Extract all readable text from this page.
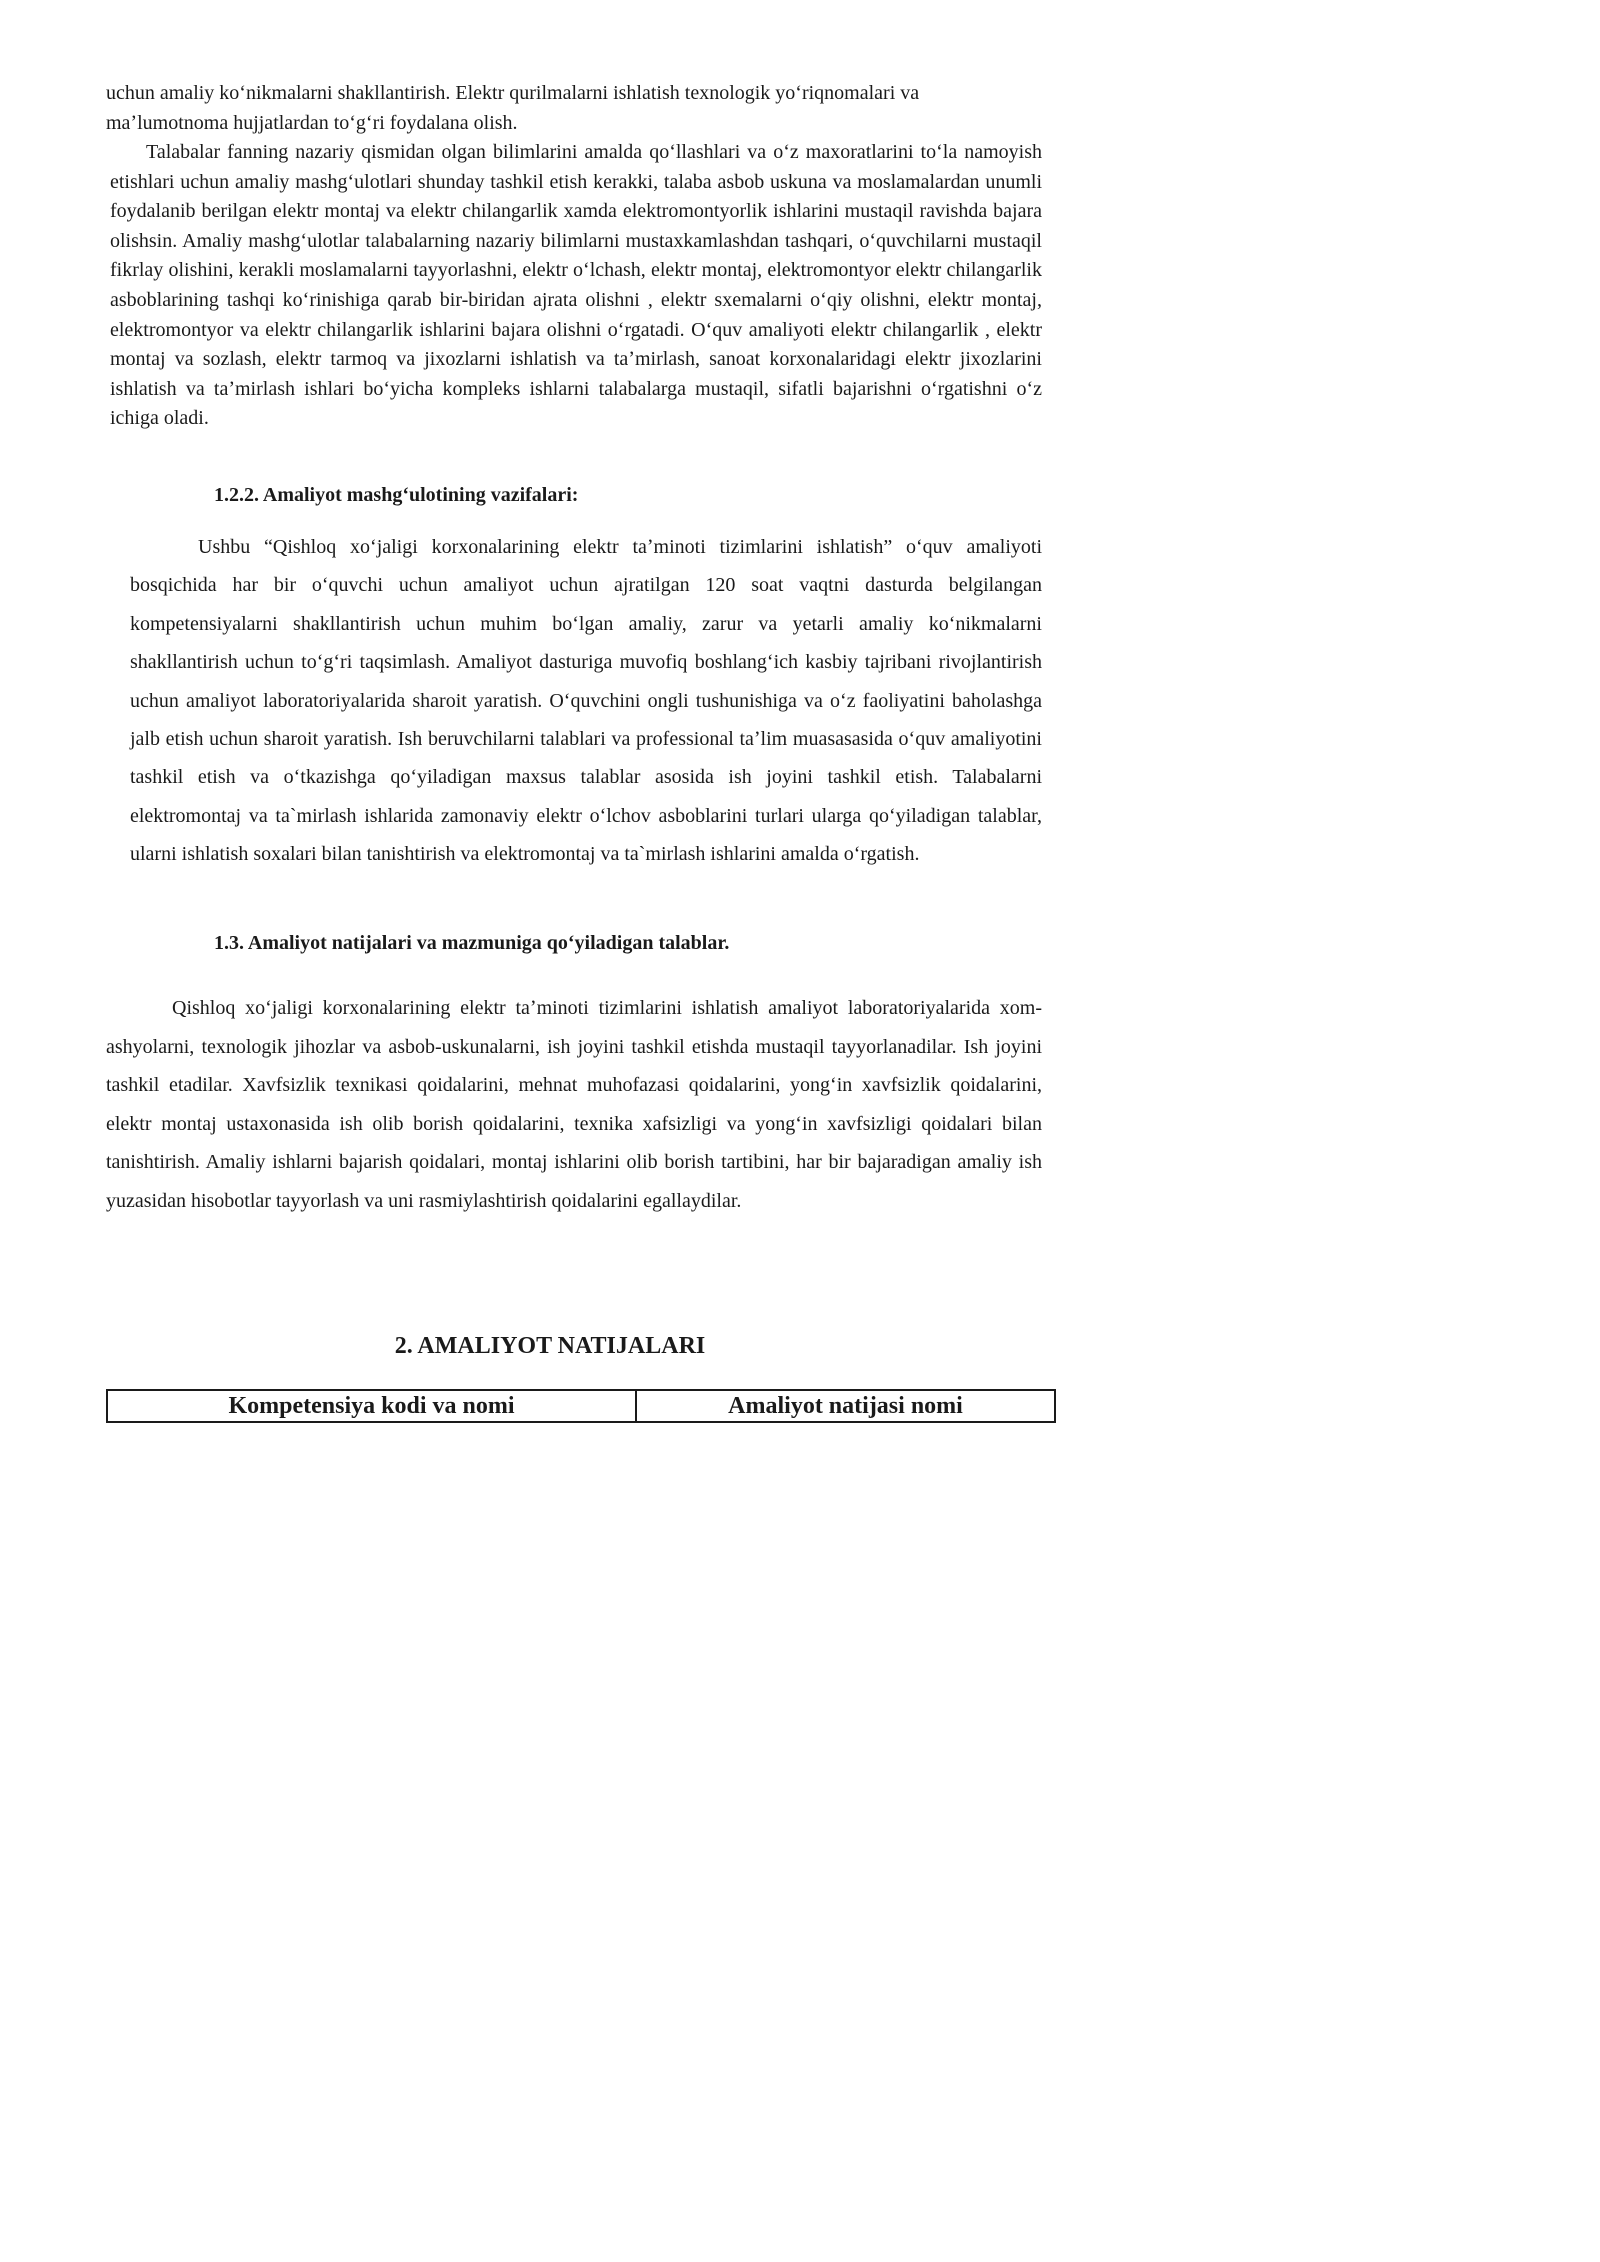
uchun amaliy koʻnikmalarni shakllantirish. Elektr qurilmalarni ishlatish texnologik yoʻriqnomalari va maʼlumotnoma hujjatlardan toʻgʻri foydalana olish.

Talabalar fanning nazariy qismidan olgan bilimlarini amalda qoʻllashlari va oʻz maxoratlarini toʻla namoyish etishlari uchun amaliy mashgʻulotlari shunday tashkil etish kerakki, talaba asbob uskuna va moslamalardan unumli foydalanib berilgan elektr montaj va elektr chilangarlik xamda elektromontyorlik ishlarini mustaqil ravishda bajara olishsin. Amaliy mashgʻulotlar talabalarning nazariy bilimlarni mustaxkamlashdan tashqari, oʻquvchilarni mustaqil fikrlay olishini, kerakli moslamalarni tayyorlashni, elektr oʻlchash, elektr montaj, elektromontyor elektr chilangarlik asboblarining tashqi koʻrinishiga qarab bir-biridan ajrata olishni , elektr sxemalarni oʻqiy olishni, elektr montaj, elektromontyor va elektr chilangarlik ishlarini bajara olishni oʻrgatadi. Oʻquv amaliyoti elektr chilangarlik , elektr montaj va sozlash, elektr tarmoq va jixozlarni ishlatish va taʼmirlash, sanoat korxonalaridagi elektr jixozlarini ishlatish va taʼmirlash ishlari boʻyicha kompleks ishlarni talabalarga mustaqil, sifatli bajarishni oʻrgatishni oʻz ichiga oladi.

1.2.2. Amaliyot mashgʻulotining vazifalari:

Ushbu “Qishloq xoʻjaligi korxonalarining elektr taʼminoti tizimlarini ishlatish” oʻquv amaliyoti bosqichida har bir oʻquvchi uchun amaliyot uchun ajratilgan 120 soat vaqtni dasturda belgilangan kompetensiyalarni shakllantirish uchun muhim boʻlgan amaliy, zarur va yetarli amaliy koʻnikmalarni shakllantirish uchun toʻgʻri taqsimlash. Amaliyot dasturiga muvofiq boshlangʻich kasbiy tajribani rivojlantirish uchun amaliyot laboratoriyalarida sharoit yaratish. Oʻquvchini ongli tushunishiga va oʻz faoliyatini baholashga jalb etish uchun sharoit yaratish. Ish beruvchilarni talablari va professional taʼlim muasasasida oʻquv amaliyotini tashkil etish va oʻtkazishga qoʻyiladigan maxsus talablar asosida ish joyini tashkil etish. Talabalarni elektromontaj va ta`mirlash ishlarida zamonaviy elektr oʻlchov asboblarini turlari ularga qoʻyiladigan talablar, ularni ishlatish soxalari bilan tanishtirish va elektromontaj va ta`mirlash ishlarini amalda oʻrgatish.

1.3. Amaliyot natijalari va mazmuniga qoʻyiladigan talablar.

Qishloq xoʻjaligi korxonalarining elektr taʼminoti tizimlarini ishlatish amaliyot laboratoriyalarida xom-ashyolarni, texnologik jihozlar va asbob-uskunalarni, ish joyini tashkil etishda mustaqil tayyorlanadilar. Ish joyini tashkil etadilar. Xavfsizlik texnikasi qoidalarini, mehnat muhofazasi qoidalarini, yongʻin xavfsizlik qoidalarini, elektr montaj ustaxonasida ish olib borish qoidalarini, texnika xafsizligi va yongʻin xavfsizligi qoidalari bilan tanishtirish. Amaliy ishlarni bajarish qoidalari, montaj ishlarini olib borish tartibini, har bir bajaradigan amaliy ish yuzasidan hisobotlar tayyorlash va uni rasmiylashtirish qoidalarini egallaydilar.

2. AMALIYOT NATIJALARI
Kompetensiya kodi va nomi	Amaliyot natijasi nomi
